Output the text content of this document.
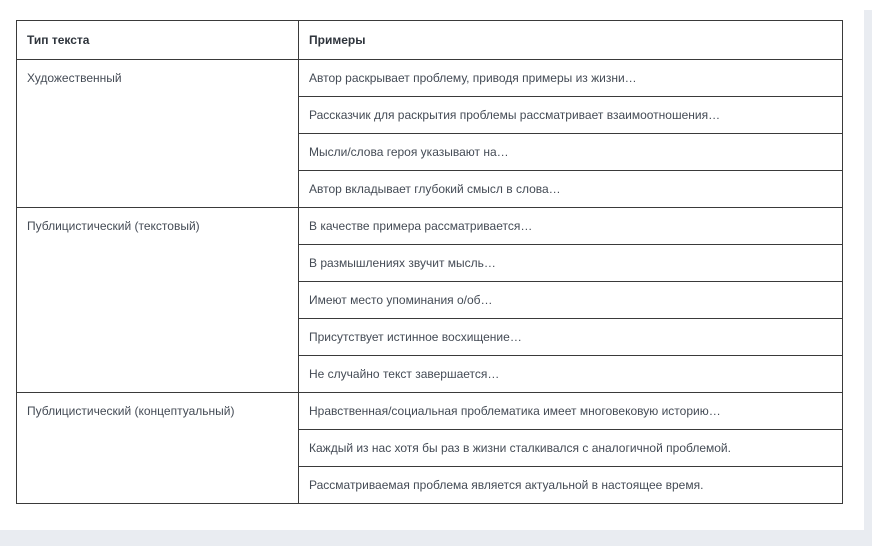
Тип текста	Примеры
Художественный	Автор раскрывает проблему, приводя примеры из жизни…
	Рассказчик для раскрытия проблемы рассматривает взаимоотношения…
	Мысли/слова героя указывают на…
	Автор вкладывает глубокий смысл в слова…
Публицистический (текстовый)	В качестве примера рассматривается…
	В размышлениях звучит мысль…
	Имеют место упоминания о/об…
	Присутствует истинное восхищение…
	Не случайно текст завершается…
Публицистический (концептуальный)	Нравственная/социальная проблематика имеет многовековую историю…
	Каждый из нас хотя бы раз в жизни сталкивался с аналогичной проблемой.
	Рассматриваемая проблема является актуальной в настоящее время.
